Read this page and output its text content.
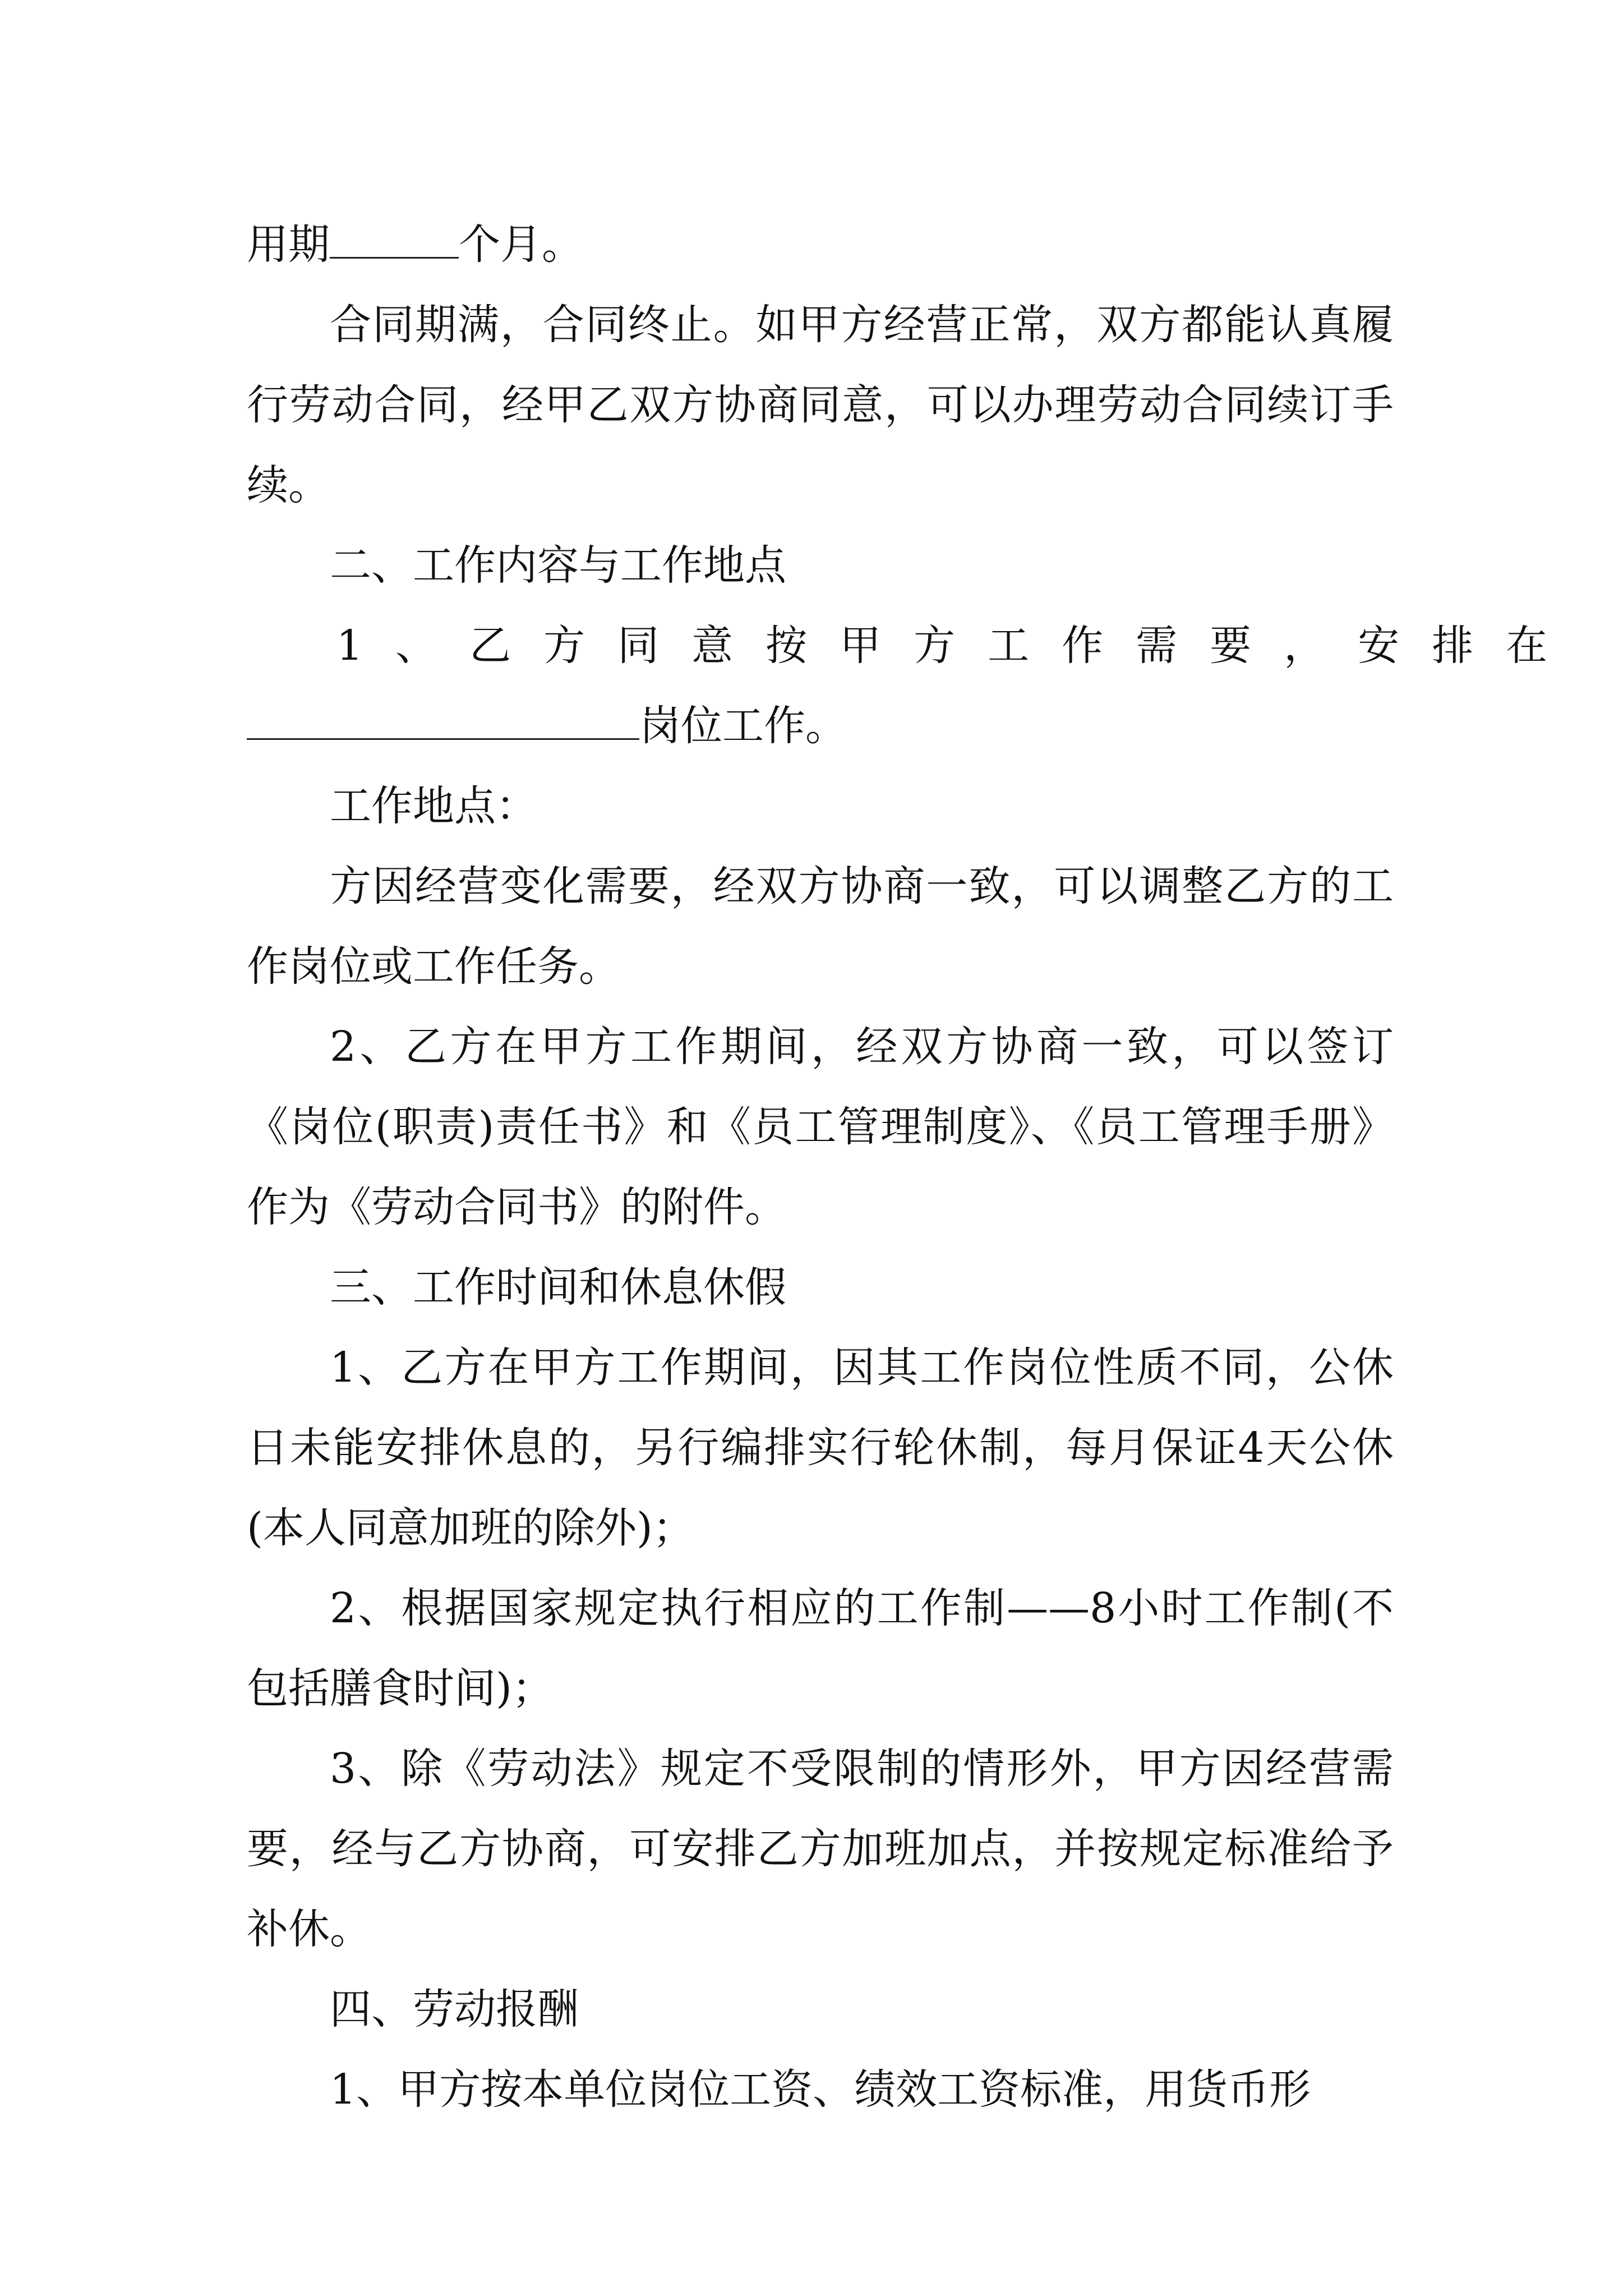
用期	个月。

合同期满，合同终止。如甲方经营正常，双方都能认真履行劳动合同，经甲乙双方协商同意，可以办理劳动合同续订手续。

二、工作内容与工作地点

1、乙方同意按甲方工作需要，安排在

岗位工作。

工作地点：

方因经营变化需要，经双方协商一致，可以调整乙方的工作岗位或工作任务。

2、乙方在甲方工作期间，经双方协商一致，可以签订《岗位(职责)责任书》和《员工管理制度》、《员工管理手册》作为《劳动合同书》的附件。

三、工作时间和休息休假

1、乙方在甲方工作期间，因其工作岗位性质不同，公休日未能安排休息的，另行编排实行轮休制，每月保证4天公休(本人同意加班的除外)；

2、根据国家规定执行相应的工作制——8小时工作制(不包括膳食时间)；

3、除《劳动法》规定不受限制的情形外，甲方因经营需要，经与乙方协商，可安排乙方加班加点，并按规定标准给予补休。

四、劳动报酬

1、甲方按本单位岗位工资、绩效工资标准，用货币形
